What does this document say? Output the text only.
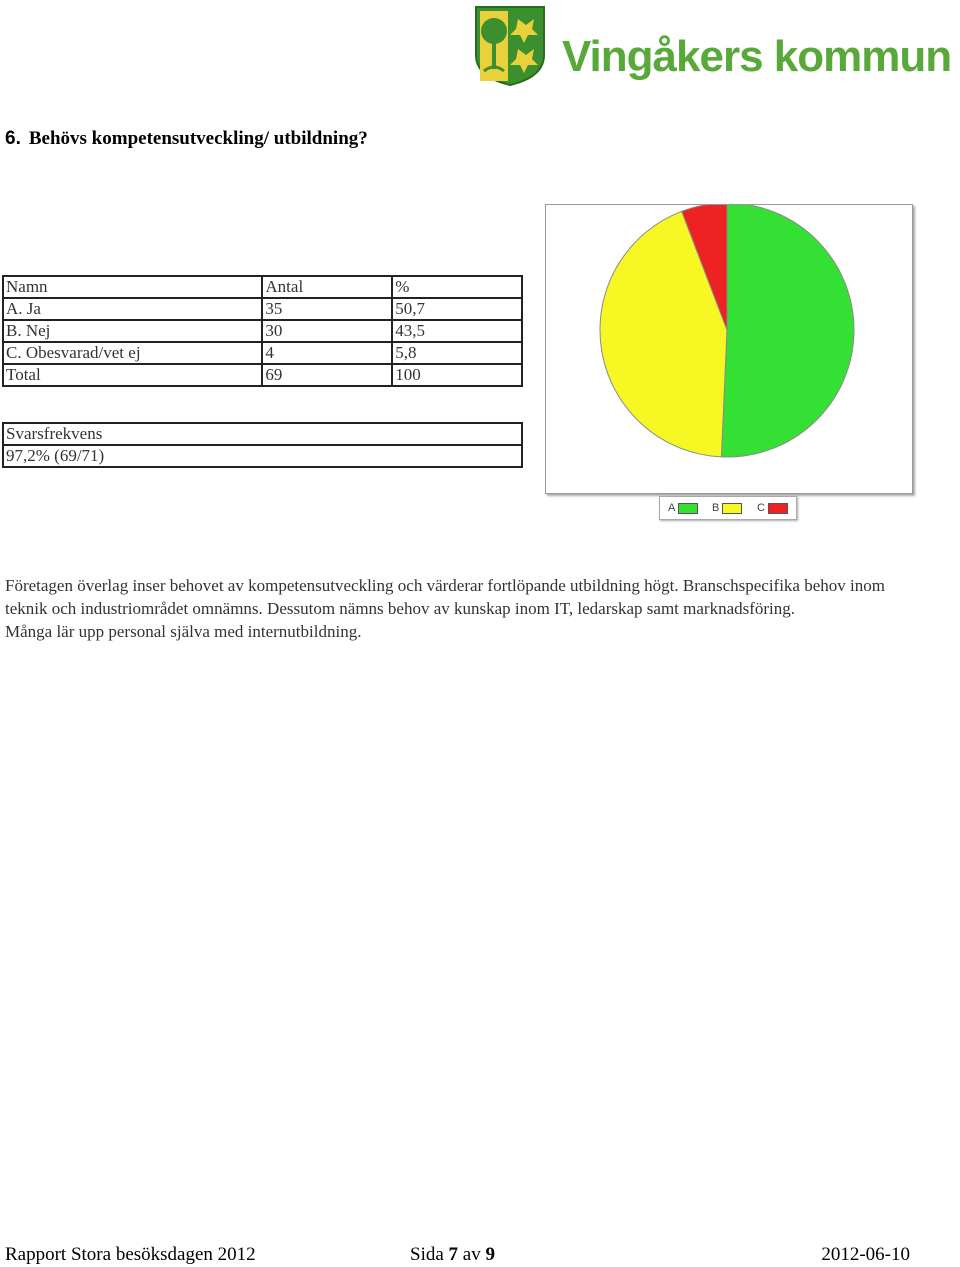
Vingåkers kommun
6. Behövs kompetensutveckling/ utbildning?
Namn	Antal	%
A. Ja	35	50,7
B. Nej	30	43,5
C. Obesvarad/vet ej	4	5,8
Total	69	100
Svarsfrekvens
97,2% (69/71)
A	B	C

Företagen överlag inser behovet av kompetensutveckling och värderar fortlöpande utbildning högt. Branschspecifika behov inom teknik och industriområdet omnämns. Dessutom nämns behov av kunskap inom IT, ledarskap samt marknadsföring.

Många lär upp personal själva med internutbildning.

Rapport Stora besöksdagen 2012	Sida 7 av 9	2012-06-10
